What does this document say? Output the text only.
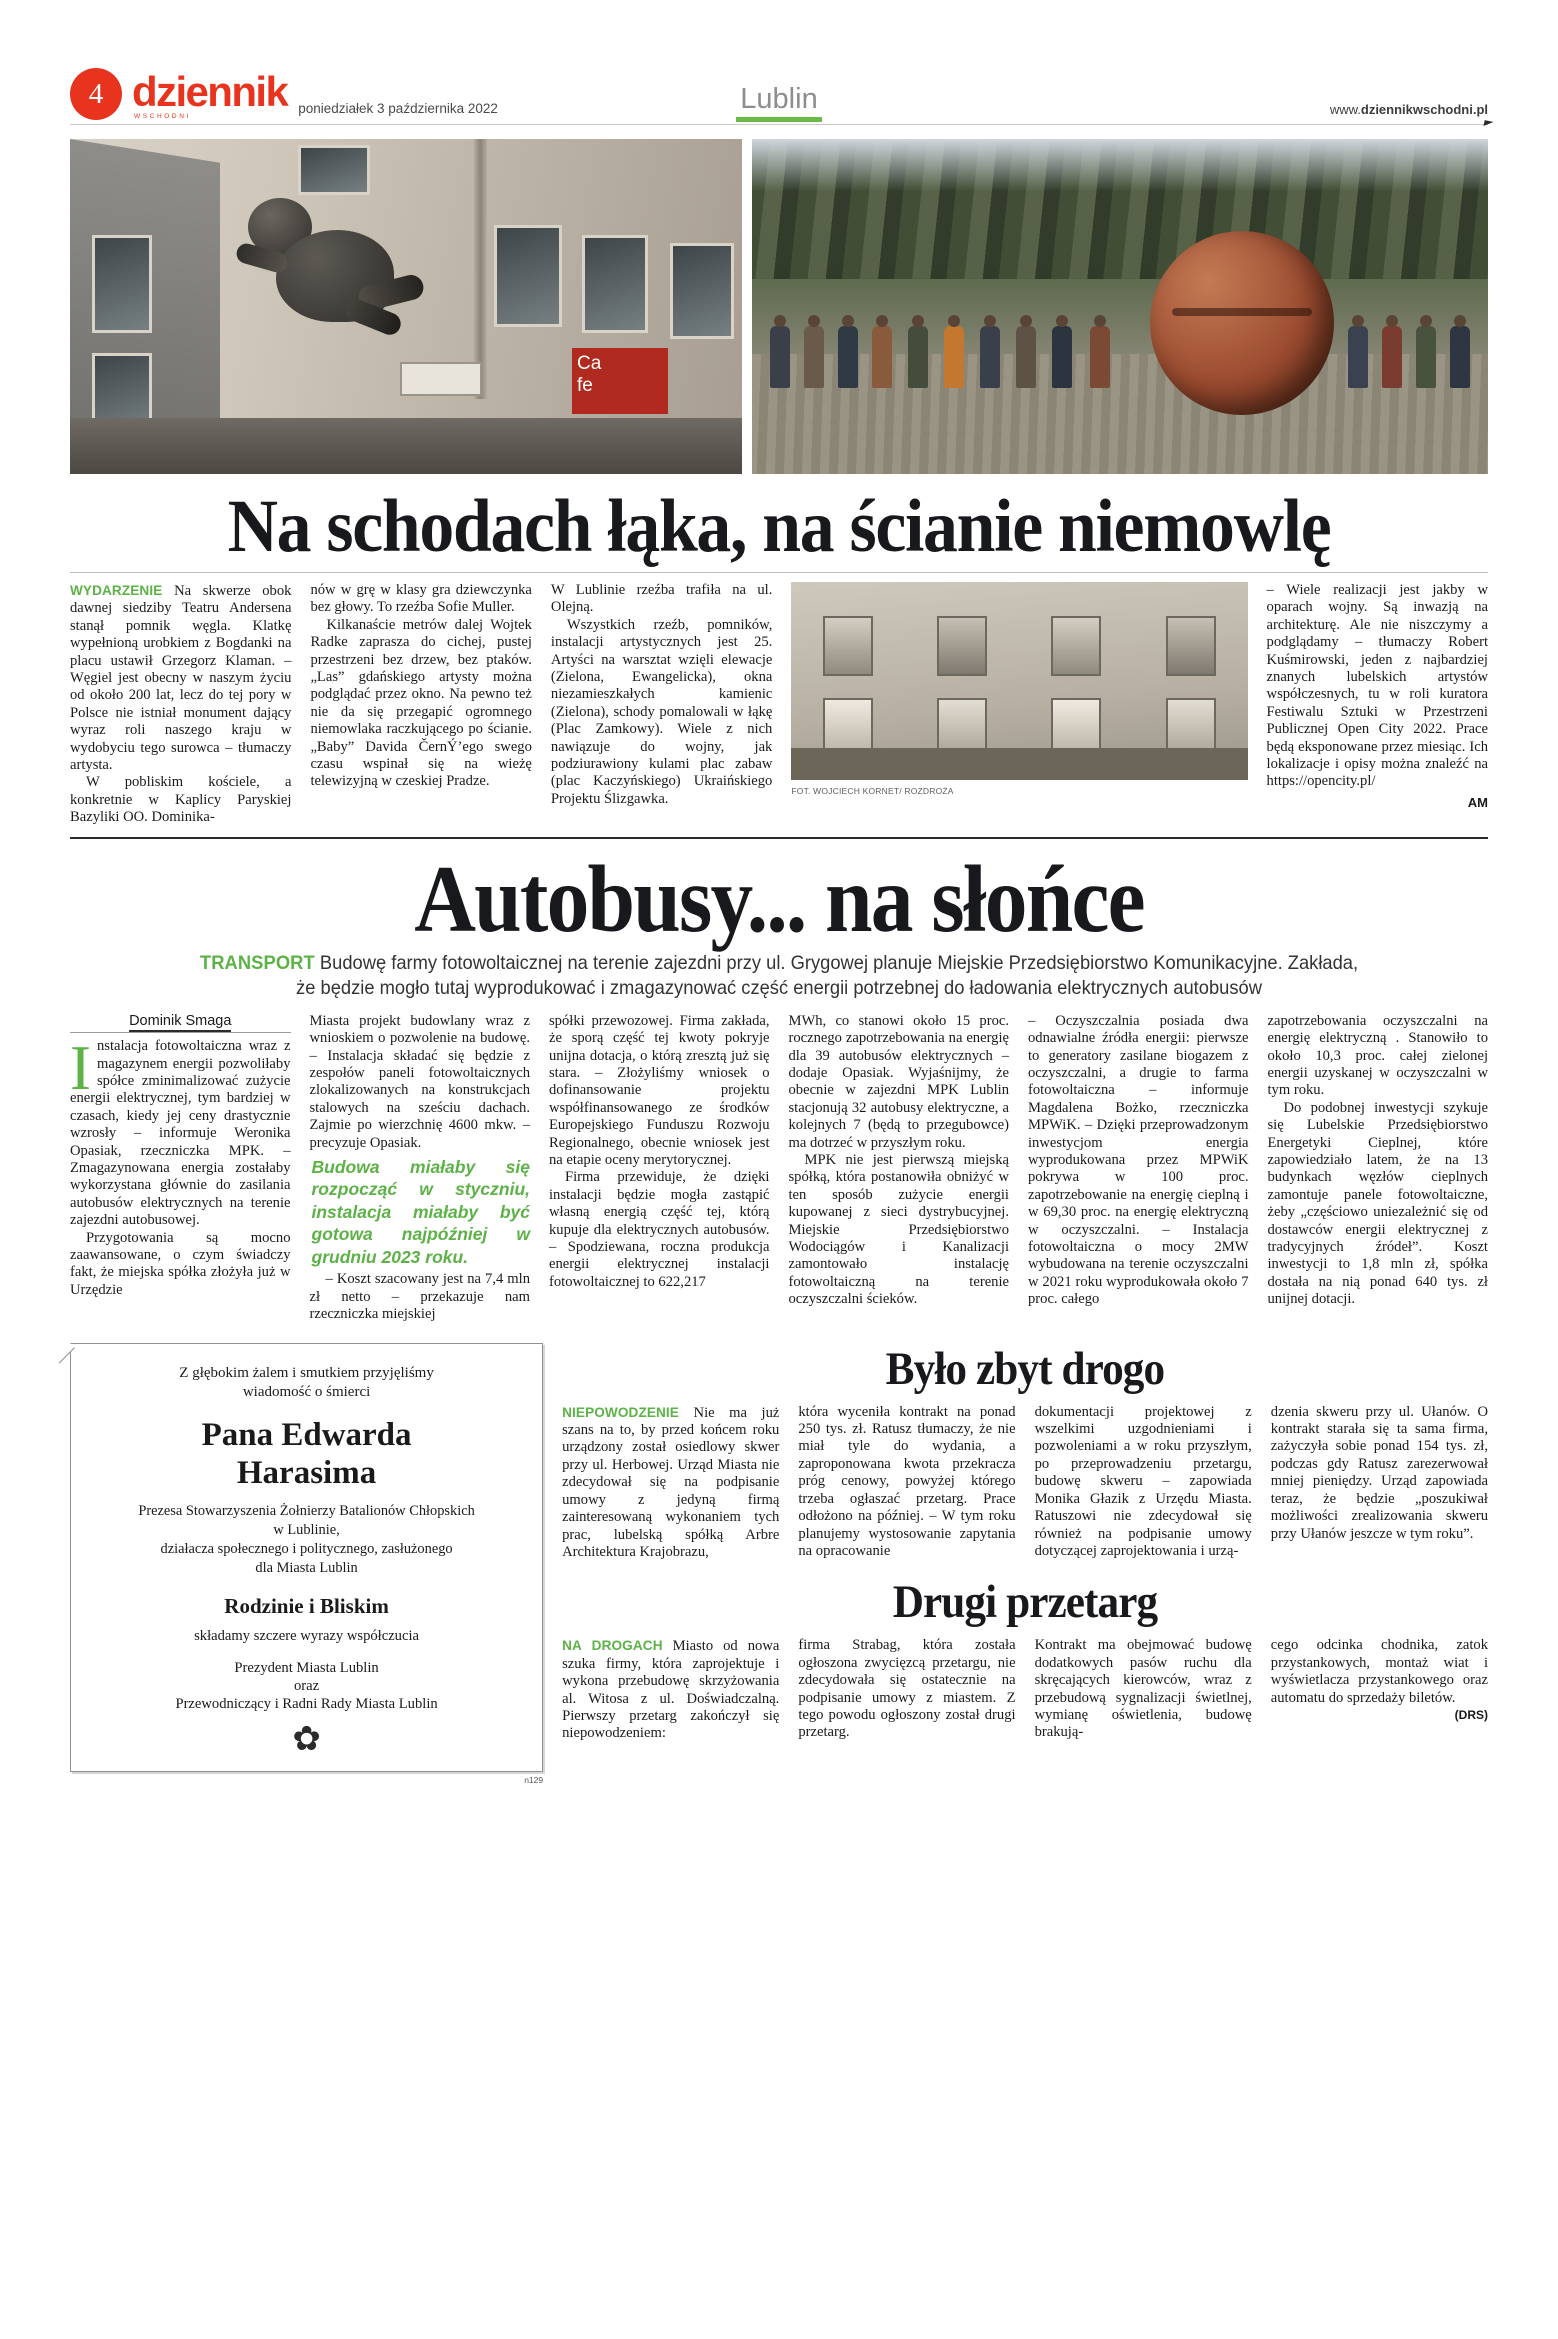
4 dziennik
WSCHODNI
poniedziałek 3 października 2022	Lublin	www.dziennikwschodni.pl
Ca
fe
Na schodach łąka, na ścianie niemowlę

WYDARZENIE Na skwerze obok dawnej siedziby Teatru Andersena stanął pomnik węgla. Klatkę wypełnioną urobkiem z Bogdanki na placu ustawił Grzegorz Klaman. – Węgiel jest obecny w naszym życiu od około 200 lat, lecz do tej pory w Polsce nie istniał monument dający wyraz roli naszego kraju w wydobyciu tego surowca – tłumaczy artysta.

W pobliskim kościele, a konkretnie w Kaplicy Paryskiej Bazyliki OO. Dominika-

nów w grę w klasy gra dziewczynka bez głowy. To rzeźba Sofie Muller.

Kilkanaście metrów dalej Wojtek Radke zaprasza do cichej, pustej przestrzeni bez drzew, bez ptaków. „Las” gdańskiego artysty można podglądać przez okno. Na pewno też nie da się przegapić ogromnego niemowlaka raczkującego po ścianie. „Baby” Davida ČernÝ’ego swego czasu wspinał się na wieżę telewizyjną w czeskiej Pradze.

W Lublinie rzeźba trafiła na ul. Olejną.

Wszystkich rzeźb, pomników, instalacji artystycznych jest 25. Artyści na warsztat wzięli elewacje (Zielona, Ewangelicka), okna niezamieszkałych kamienic (Zielona), schody pomalowali w łąkę (Plac Zamkowy). Wiele z nich nawiązuje do wojny, jak podziurawiony kulami plac zabaw (plac Kaczyńskiego) Ukraińskiego Projektu Ślizgawka.	FOT. WOJCIECH KORNET/ ROZDROŻA

– Wiele realizacji jest jakby w oparach wojny. Są inwazją na architekturę. Ale nie niszczymy a podglądamy – tłumaczy Robert Kuśmirowski, jeden z najbardziej znanych lubelskich artystów współczesnych, tu w roli kuratora Festiwalu Sztuki w Przestrzeni Publicznej Open City 2022. Prace będą eksponowane przez miesiąc. Ich lokalizacje i opisy można znaleźć na https://opencity.pl/

AM
Autobusy... na słońce
TRANSPORT Budowę farmy fotowoltaicznej na terenie zajezdni przy ul. Grygowej planuje Miejskie Przedsiębiorstwo Komunikacyjne. Zakłada, że będzie mogło tutaj wyprodukować i zmagazynować część energii potrzebnej do ładowania elektrycznych autobusów
Dominik Smaga

Instalacja fotowoltaiczna wraz z magazynem energii pozwoliłaby spółce zminimalizować zużycie energii elektrycznej, tym bardziej w czasach, kiedy jej ceny drastycznie wzrosły – informuje Weronika Opasiak, rzeczniczka MPK. – Zmagazynowana energia zostałaby wykorzystana głównie do zasilania autobusów elektrycznych na terenie zajezdni autobusowej.

Przygotowania są mocno zaawansowane, o czym świadczy fakt, że miejska spółka złożyła już w Urzędzie

Miasta projekt budowlany wraz z wnioskiem o pozwolenie na budowę. – Instalacja składać się będzie z zespołów paneli fotowoltaicznych zlokalizowanych na konstrukcjach stalowych na sześciu dachach. Zajmie po wierzchnię 4600 mkw. – precyzuje Opasiak.

”
Budowa miałaby się rozpocząć w styczniu, instalacja miałaby być gotowa najpóźniej w grudniu 2023 roku.

– Koszt szacowany jest na 7,4 mln zł netto – przekazuje nam rzeczniczka miejskiej

spółki przewozowej. Firma zakłada, że sporą część tej kwoty pokryje unijna dotacja, o którą zresztą już się stara. – Złożyliśmy wniosek o dofinansowanie projektu współfinansowanego ze środków Europejskiego Funduszu Rozwoju Regionalnego, obecnie wniosek jest na etapie oceny merytorycznej.

Firma przewiduje, że dzięki instalacji będzie mogła zastąpić własną energią część tej, którą kupuje dla elektrycznych autobusów. – Spodziewana, roczna produkcja energii elektrycznej instalacji fotowoltaicznej to 622,217

MWh, co stanowi około 15 proc. rocznego zapotrzebowania na energię dla 39 autobusów elektrycznych – dodaje Opasiak. Wyjaśnijmy, że obecnie w zajezdni MPK Lublin stacjonują 32 autobusy elektryczne, a kolejnych 7 (będą to przegubowce) ma dotrzeć w przyszłym roku.

MPK nie jest pierwszą miejską spółką, która postanowiła obniżyć w ten sposób zużycie energii kupowanej z sieci dystrybucyjnej. Miejskie Przedsiębiorstwo Wodociągów i Kanalizacji zamontowało instalację fotowoltaiczną na terenie oczyszczalni ścieków.

– Oczyszczalnia posiada dwa odnawialne źródła energii: pierwsze to generatory zasilane biogazem z oczyszczalni, a drugie to farma fotowoltaiczna – informuje Magdalena Bożko, rzeczniczka MPWiK. – Dzięki przeprowadzonym inwestycjom energia wyprodukowana przez MPWiK pokrywa w 100 proc. zapotrzebowanie na energię cieplną i w 69,30 proc. na energię elektryczną w oczyszczalni. – Instalacja fotowoltaiczna o mocy 2MW wybudowana na terenie oczyszczalni w 2021 roku wyprodukowała około 7 proc. całego

zapotrzebowania oczyszczalni na energię elektryczną . Stanowiło to około 10,3 proc. całej zielonej energii uzyskanej w oczyszczalni w tym roku.

Do podobnej inwestycji szykuje się Lubelskie Przedsiębiorstwo Energetyki Cieplnej, które zapowiedziało latem, że na 13 budynkach węzłów cieplnych zamontuje panele fotowoltaiczne, żeby „częściowo uniezależnić się od dostawców energii elektrycznej z tradycyjnych źródeł”. Koszt inwestycji to 1,8 mln zł, spółka dostała na nią ponad 640 tys. zł unijnej dotacji.

Z głębokim żalem i smutkiem przyjęliśmy
wiadomość o śmierci
Pana Edwarda
Harasima
Prezesa Stowarzyszenia Żołnierzy Batalionów Chłopskich
w Lublinie,
działacza społecznego i politycznego, zasłużonego
dla Miasta Lublin
Rodzinie i Bliskim
składamy szczere wyrazy współczucia
Prezydent Miasta Lublin
oraz
Przewodniczący i Radni Rady Miasta Lublin
✿
n129
Było zbyt drogo

NIEPOWODZENIE Nie ma już szans na to, by przed końcem roku urządzony został osiedlowy skwer przy ul. Herbowej. Urząd Miasta nie zdecydował się na podpisanie umowy z jedyną firmą zainteresowaną wykonaniem tych prac, lubelską spółką Arbre Architektura Krajobrazu,

która wyceniła kontrakt na ponad 250 tys. zł. Ratusz tłumaczy, że nie miał tyle do wydania, a zaproponowana kwota przekracza próg cenowy, powyżej którego trzeba ogłaszać przetarg. Prace odłożono na później. – W tym roku planujemy wystosowanie zapytania na opracowanie

dokumentacji projektowej z wszelkimi uzgodnieniami i pozwoleniami a w roku przyszłym, po przeprowadzeniu przetargu, budowę skweru – zapowiada Monika Głazik z Urzędu Miasta. Ratuszowi nie zdecydował się również na podpisanie umowy dotyczącej zaprojektowania i urzą-

dzenia skweru przy ul. Ułanów. O kontrakt starała się ta sama firma, zażyczyła sobie ponad 154 tys. zł, podczas gdy Ratusz zarezerwował mniej pieniędzy. Urząd zapowiada teraz, że będzie „poszukiwał możliwości zrealizowania skweru przy Ułanów jeszcze w tym roku”.

Drugi przetarg

NA DROGACH Miasto od nowa szuka firmy, która zaprojektuje i wykona przebudowę skrzyżowania al. Witosa z ul. Doświadczalną. Pierwszy przetarg zakończył się niepowodzeniem:

firma Strabag, która została ogłoszona zwycięzcą przetargu, nie zdecydowała się ostatecznie na podpisanie umowy z miastem. Z tego powodu ogłoszony został drugi przetarg.

Kontrakt ma obejmować budowę dodatkowych pasów ruchu dla skręcających kierowców, wraz z przebudową sygnalizacji świetlnej, wymianę oświetlenia, budowę brakują-

cego odcinka chodnika, zatok przystankowych, montaż wiat i wyświetlacza przystankowego oraz automatu do sprzedaży biletów.

(DRS)
